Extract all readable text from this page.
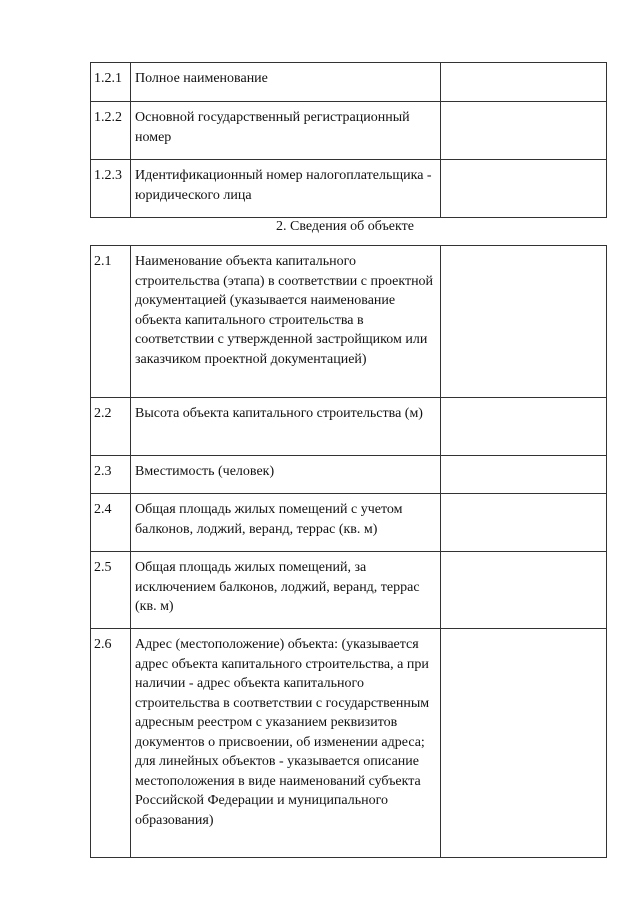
1.2.1	Полное наименование	
1.2.2	Основной государственный регистрационный номер	
1.2.3	Идентификационный номер налогоплательщика - юридического лица	
2. Сведения об объекте
2.1	Наименование объекта капитального строительства (этапа) в соответствии с проектной документацией (указывается наименование объекта капитального строительства в соответствии с утвержденной застройщиком или заказчиком проектной документацией)	
2.2	Высота объекта капитального строительства (м)	
2.3	Вместимость (человек)	
2.4	Общая площадь жилых помещений с учетом балконов, лоджий, веранд, террас (кв. м)	
2.5	Общая площадь жилых помещений, за исключением балконов, лоджий, веранд, террас (кв. м)	
2.6	Адрес (местоположение) объекта: (указывается адрес объекта капитального строительства, а при наличии - адрес объекта капитального строительства в соответствии с государственным адресным реестром с указанием реквизитов документов о присвоении, об изменении адреса; для линейных объектов - указывается описание местоположения в виде наименований субъекта Российской Федерации и муниципального образования)	
